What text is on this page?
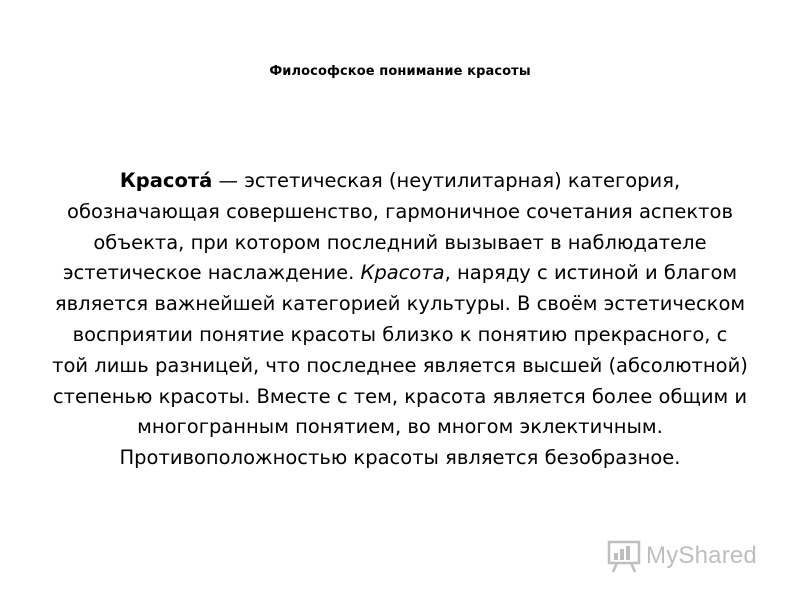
Философское понимание красоты
Красота́ — эстетическая (неутилитарная) категория, обозначающая совершенство, гармоничное сочетания аспектов объекта, при котором последний вызывает в наблюдателе эстетическое наслаждение. Красота, наряду с истиной и благом является важнейшей категорией культуры. В своём эстетическом восприятии понятие красоты близко к понятию прекрасного, с той лишь разницей, что последнее является высшей (абсолютной) степенью красоты. Вместе с тем, красота является более общим и многогранным понятием, во многом эклектичным. Противоположностью красоты является безобразное.
MyShared
